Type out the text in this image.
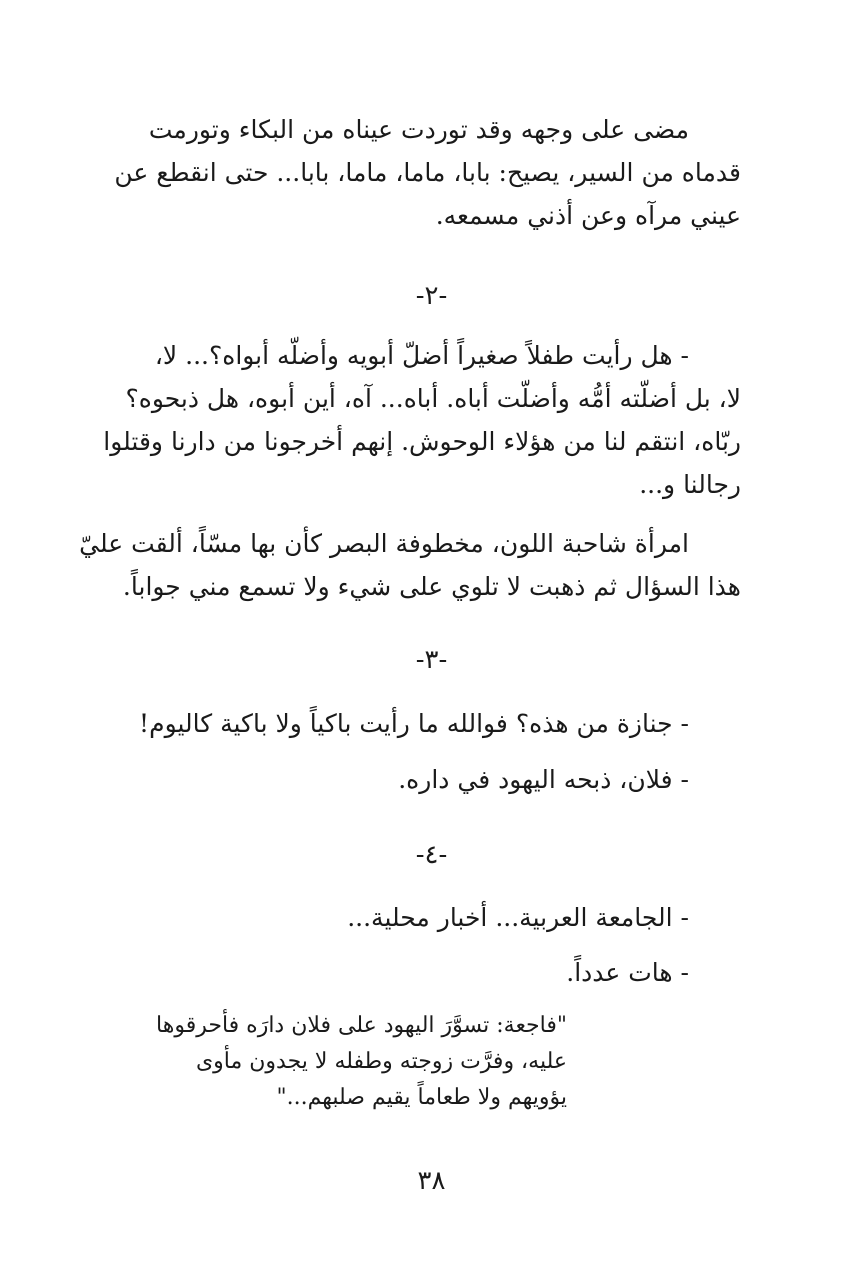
مضى على وجهه وقد توردت عيناه من البكاء وتورمت
قدماه من السير، يصيح: بابا، ماما، ماما، بابا... حتى انقطع عن
عيني مرآه وعن أذني مسمعه.

-٢-

- هل رأيت طفلاً صغيراً أضلّ أبويه وأضلّه أبواه؟... لا،
لا، بل أضلّته أمُّه وأضلّت أباه. أباه... آه، أين أبوه، هل ذبحوه؟
ربّاه، انتقم لنا من هؤلاء الوحوش. إنهم أخرجونا من دارنا وقتلوا
رجالنا و...
امرأة شاحبة اللون، مخطوفة البصر كأن بها مسّاً، ألقت عليّ
هذا السؤال ثم ذهبت لا تلوي على شيء ولا تسمع مني جواباً.

-٣-

- جنازة من هذه؟ فوالله ما رأيت باكياً ولا باكية كاليوم!

- فلان، ذبحه اليهود في داره.

-٤-

- الجامعة العربية... أخبار محلية...

- هات عدداً.

"فاجعة: تسوَّرَ اليهود على فلان دارَه فأحرقوها
عليه، وفرَّت زوجته وطفله لا يجدون مأوى
يؤويهم ولا طعاماً يقيم صلبهم..."

٣٨
